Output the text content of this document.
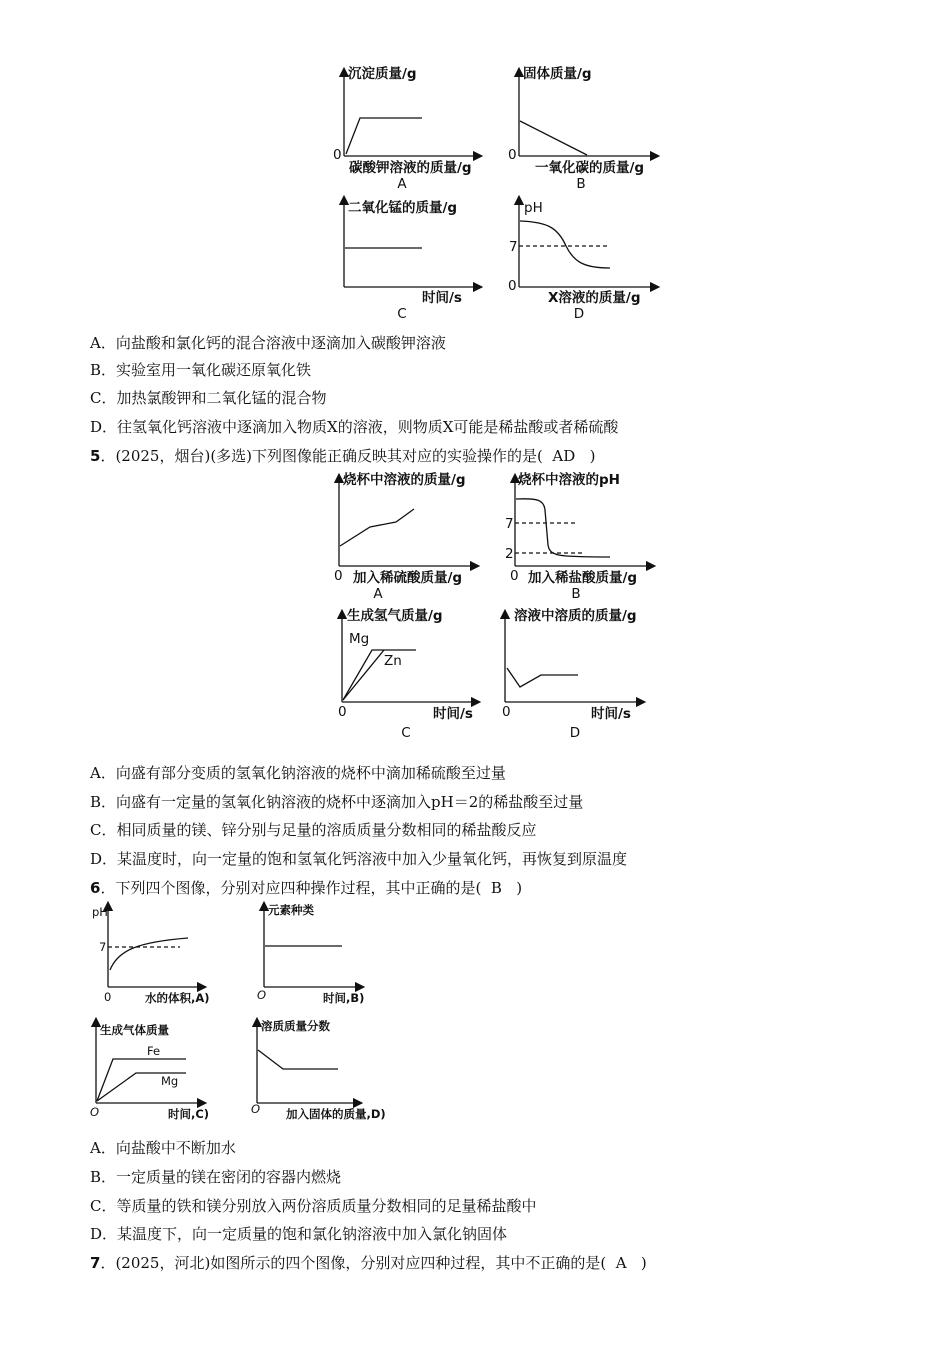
沉淀质量/g
0
碳酸钾溶液的质量/g
A
固体质量/g
0
一氧化碳的质量/g
B
二氧化锰的质量/g
时间/s
C
pH
7
0
X溶液的质量/g
D
烧杯中溶液的质量/g
0 加入稀硫酸质量/g
A
烧杯中溶液的pH
7
2
0 加入稀盐酸质量/g
B
生成氢气质量/g
Mg
Zn
0	时间/s
C
溶液中溶质的质量/g
0	时间/s
D
pH
7
0	水的体积,A)
元素种类
O	时间,B)
生成气体质量
Fe
Mg
O	时间,C)
溶质质量分数
O 加入固体的质量,D)
A．向盐酸和氯化钙的混合溶液中逐滴加入碳酸钾溶液
B．实验室用一氧化碳还原氧化铁
C．加热氯酸钾和二氧化锰的混合物
D．往氢氧化钙溶液中逐滴加入物质X的溶液，则物质X可能是稀盐酸或者稀硫酸
5．(2025，烟台)(多选)下列图像能正确反映其对应的实验操作的是( AD )
A．向盛有部分变质的氢氧化钠溶液的烧杯中滴加稀硫酸至过量
B．向盛有一定量的氢氧化钠溶液的烧杯中逐滴加入pH＝2的稀盐酸至过量
C．相同质量的镁、锌分别与足量的溶质质量分数相同的稀盐酸反应
D．某温度时，向一定量的饱和氢氧化钙溶液中加入少量氧化钙，再恢复到原温度
6．下列四个图像，分别对应四种操作过程，其中正确的是( B )
A．向盐酸中不断加水
B．一定质量的镁在密闭的容器内燃烧
C．等质量的铁和镁分别放入两份溶质质量分数相同的足量稀盐酸中
D．某温度下，向一定质量的饱和氯化钠溶液中加入氯化钠固体
7．(2025，河北)如图所示的四个图像，分别对应四种过程，其中不正确的是( A )
